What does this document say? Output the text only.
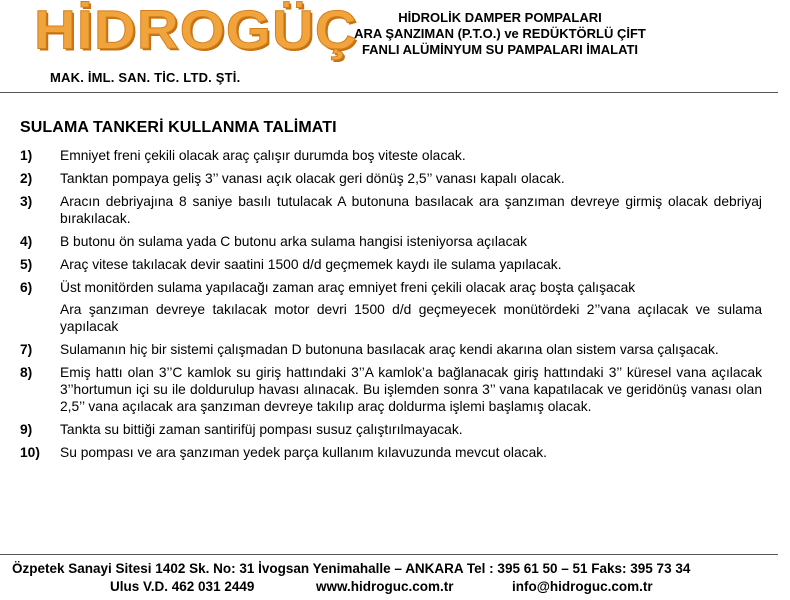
HİDROGÜÇ
MAK. İML. SAN. TİC. LTD. ŞTİ.
HİDROLİK DAMPER POMPALARI
ARA ŞANZIMAN (P.T.O.) ve REDÜKTÖRLÜ ÇİFT
FANLI ALÜMİNYUM SU PAMPALARI İMALATI
SULAMA TANKERİ KULLANMA TALİMATI
1)	Emniyet freni çekili olacak araç çalışır durumda boş viteste olacak.
2)	Tanktan pompaya geliş 3’’ vanası açık olacak geri dönüş 2,5’’ vanası kapalı olacak.
3)	Aracın debriyajına 8 saniye basılı tutulacak A butonuna basılacak ara şanzıman devreye girmiş olacak debriyaj bırakılacak.
4)	B butonu ön sulama yada C butonu arka sulama hangisi isteniyorsa açılacak
5)	Araç vitese takılacak devir saatini 1500 d/d geçmemek kaydı ile sulama yapılacak.
6)	Üst monitörden sulama yapılacağı zaman araç emniyet freni çekili olacak araç boşta çalışacak
Ara şanzıman devreye takılacak motor devri 1500 d/d geçmeyecek monütördeki 2’’vana açılacak ve sulama yapılacak
7)	Sulamanın hiç bir sistemi çalışmadan D butonuna basılacak araç kendi akarına olan sistem varsa çalışacak.
8)	Emiş hattı olan 3’’C kamlok su giriş hattındaki 3’’A kamlok’a bağlanacak giriş hattındaki 3’’ küresel vana açılacak 3’’hortumun içi su ile doldurulup havası alınacak. Bu işlemden sonra 3’’ vana kapatılacak ve geridönüş vanası olan 2,5’’ vana açılacak ara şanzıman devreye takılıp araç doldurma işlemi başlamış olacak.
9)	Tankta su bittiği zaman santirifüj pompası susuz çalıştırılmayacak.
10)	Su pompası ve ara şanzıman yedek parça kullanım kılavuzunda mevcut olacak.
Özpetek Sanayi Sitesi 1402 Sk. No: 31 İvogsan Yenimahalle – ANKARA Tel : 395 61 50 – 51 Faks: 395 73 34
Ulus V.D. 462 031 2449	www.hidroguc.com.tr	info@hidroguc.com.tr
